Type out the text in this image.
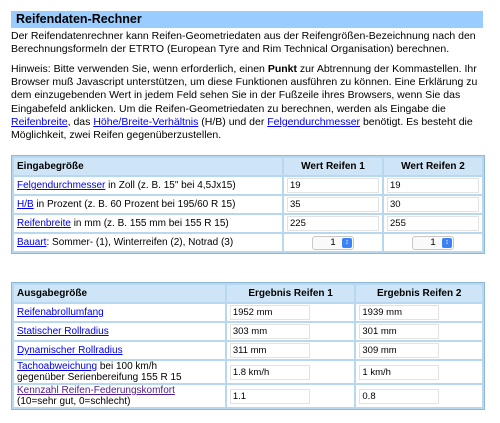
Reifendaten-Rechner
Der Reifendatenrechner kann Reifen-Geometriedaten aus der Reifengrößen-Bezeichnung nach den Berechnungsformeln der ETRTO (European Tyre and Rim Technical Organisation) berechnen.
Hinweis: Bitte verwenden Sie, wenn erforderlich, einen Punkt zur Abtrennung der Kommastellen. Ihr Browser muß Javascript unterstützen, um diese Funktionen ausführen zu können. Eine Erklärung zu dem einzugebenden Wert in jedem Feld sehen Sie in der Fußzeile ihres Browsers, wenn Sie das Eingabefeld anklicken. Um die Reifen-Geometriedaten zu berechnen, werden als Eingabe die Reifenbreite, das Höhe/Breite-Verhältnis (H/B) und der Felgendurchmesser benötigt. Es besteht die Möglichkeit, zwei Reifen gegenüberzustellen.
Eingabegröße	Wert Reifen 1	Wert Reifen 2
Felgendurchmesser in Zoll (z. B. 15" bei 4,5Jx15)	19	19
H/B in Prozent (z. B. 60 Prozent bei 195/60 R 15)	35	30
Reifenbreite in mm (z. B. 155 mm bei 155 R 15)	225	255
Bauart: Sommer- (1), Winterreifen (2), Notrad (3)	1 ↕	1 ↕
Ausgabegröße	Ergebnis Reifen 1	Ergebnis Reifen 2
Reifenabrollumfang	1952 mm	1939 mm
Statischer Rollradius	303 mm	301 mm
Dynamischer Rollradius	311 mm	309 mm
Tachoabweichung bei 100 km/h
gegenüber Serienbereifung 155 R 15	1.8 km/h	1 km/h
Kennzahl Reifen-Federungskomfort
(10=sehr gut, 0=schlecht)	1.1	0.8
